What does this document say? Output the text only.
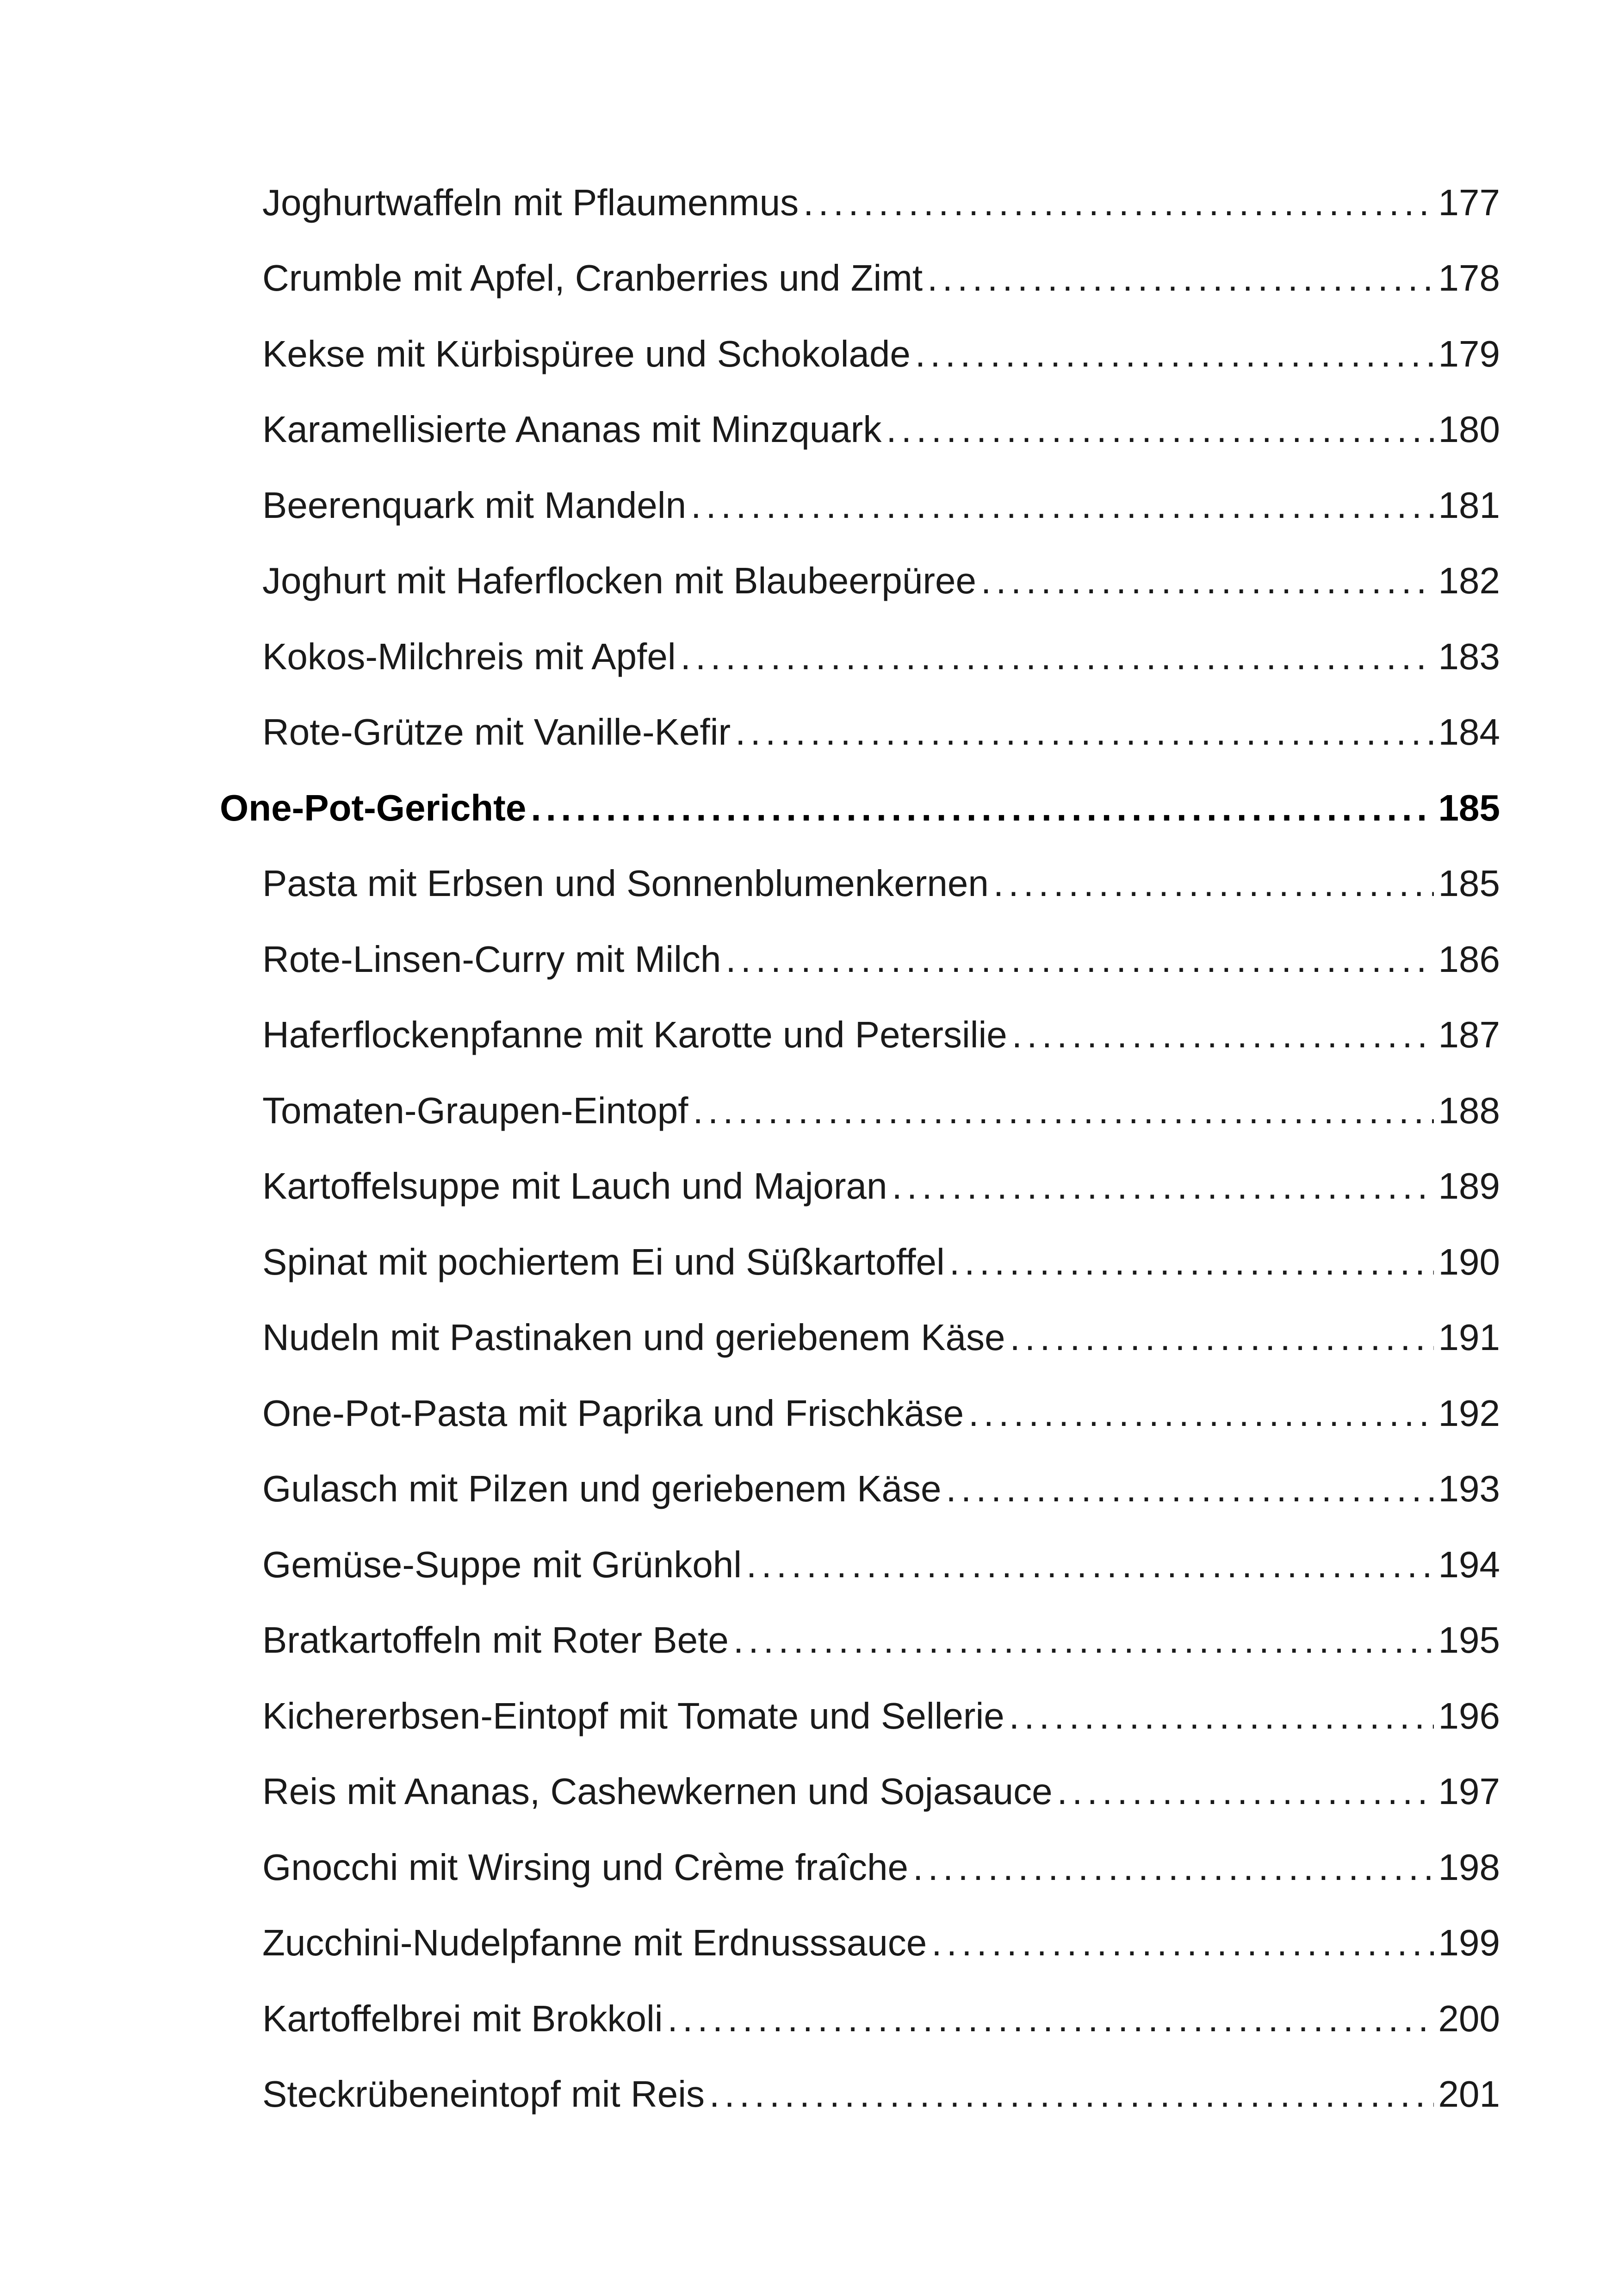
Joghurtwaffeln mit Pflaumenmus . . .	177
Crumble mit Apfel, Cranberries und Zimt . . .	178
Kekse mit Kürbispüree und Schokolade . . .	179
Karamellisierte Ananas mit Minzquark . . .	180
Beerenquark mit Mandeln . . .	181
Joghurt mit Haferflocken mit Blaubeerpüree . . .	182
Kokos-Milchreis mit Apfel . . .	183
Rote-Grütze mit Vanille-Kefir . . .	184
One-Pot-Gerichte . . .	185
Pasta mit Erbsen und Sonnenblumenkernen . . .	185
Rote-Linsen-Curry mit Milch . . .	186
Haferflockenpfanne mit Karotte und Petersilie . . .	187
Tomaten-Graupen-Eintopf . . .	188
Kartoffelsuppe mit Lauch und Majoran . . .	189
Spinat mit pochiertem Ei und Süßkartoffel . . .	190
Nudeln mit Pastinaken und geriebenem Käse . . .	191
One-Pot-Pasta mit Paprika und Frischkäse . . .	192
Gulasch mit Pilzen und geriebenem Käse . . .	193
Gemüse-Suppe mit Grünkohl . . .	194
Bratkartoffeln mit Roter Bete . . .	195
Kichererbsen-Eintopf mit Tomate und Sellerie . . .	196
Reis mit Ananas, Cashewkernen und Sojasauce . . .	197
Gnocchi mit Wirsing und Crème fraîche . . .	198
Zucchini-Nudelpfanne mit Erdnusssauce . . .	199
Kartoffelbrei mit Brokkoli . . .	200
Steckrübeneintopf mit Reis . . .	201
